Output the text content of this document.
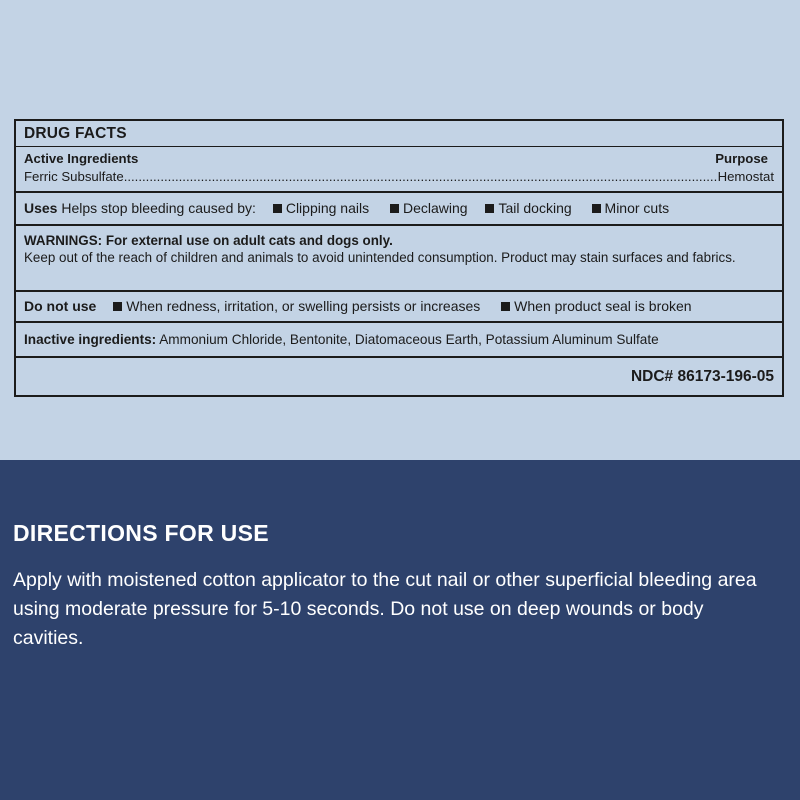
DRUG FACTS
Active Ingredients	Purpose
Ferric Subsulfate
.....	Hemostat
Uses Helps stop bleeding caused by: Clipping nails Declawing Tail docking Minor cuts
WARNINGS: For external use on adult cats and dogs only.
Keep out of the reach of children and animals to avoid unintended consumption. Product may stain surfaces and fabrics.
Do not use When redness, irritation, or swelling persists or increases When product seal is broken
Inactive ingredients: Ammonium Chloride, Bentonite, Diatomaceous Earth, Potassium Aluminum Sulfate
NDC# 86173-196-05
DIRECTIONS FOR USE

Apply with moistened cotton applicator to the cut nail or other superficial bleeding area using moderate pressure for 5-10 seconds. Do not use on deep wounds or body cavities.
